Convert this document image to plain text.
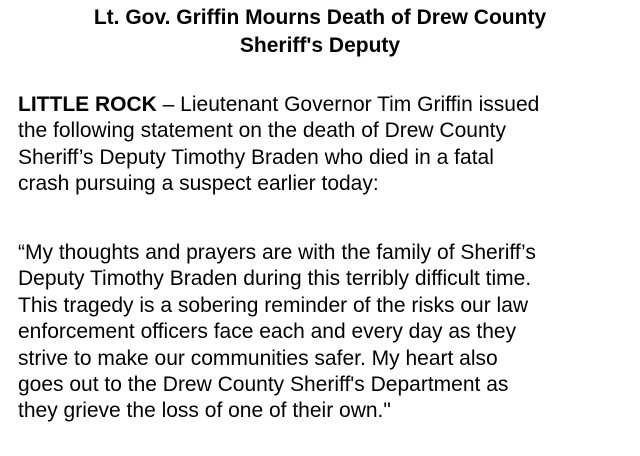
Lt. Gov. Griffin Mourns Death of Drew County
Sheriff's Deputy

LITTLE ROCK – Lieutenant Governor Tim Griffin issued
the following statement on the death of Drew County
Sheriff’s Deputy Timothy Braden who died in a fatal
crash pursuing a suspect earlier today:

“My thoughts and prayers are with the family of Sheriff’s
Deputy Timothy Braden during this terribly difficult time.
This tragedy is a sobering reminder of the risks our law
enforcement officers face each and every day as they
strive to make our communities safer. My heart also
goes out to the Drew County Sheriff's Department as
they grieve the loss of one of their own."
